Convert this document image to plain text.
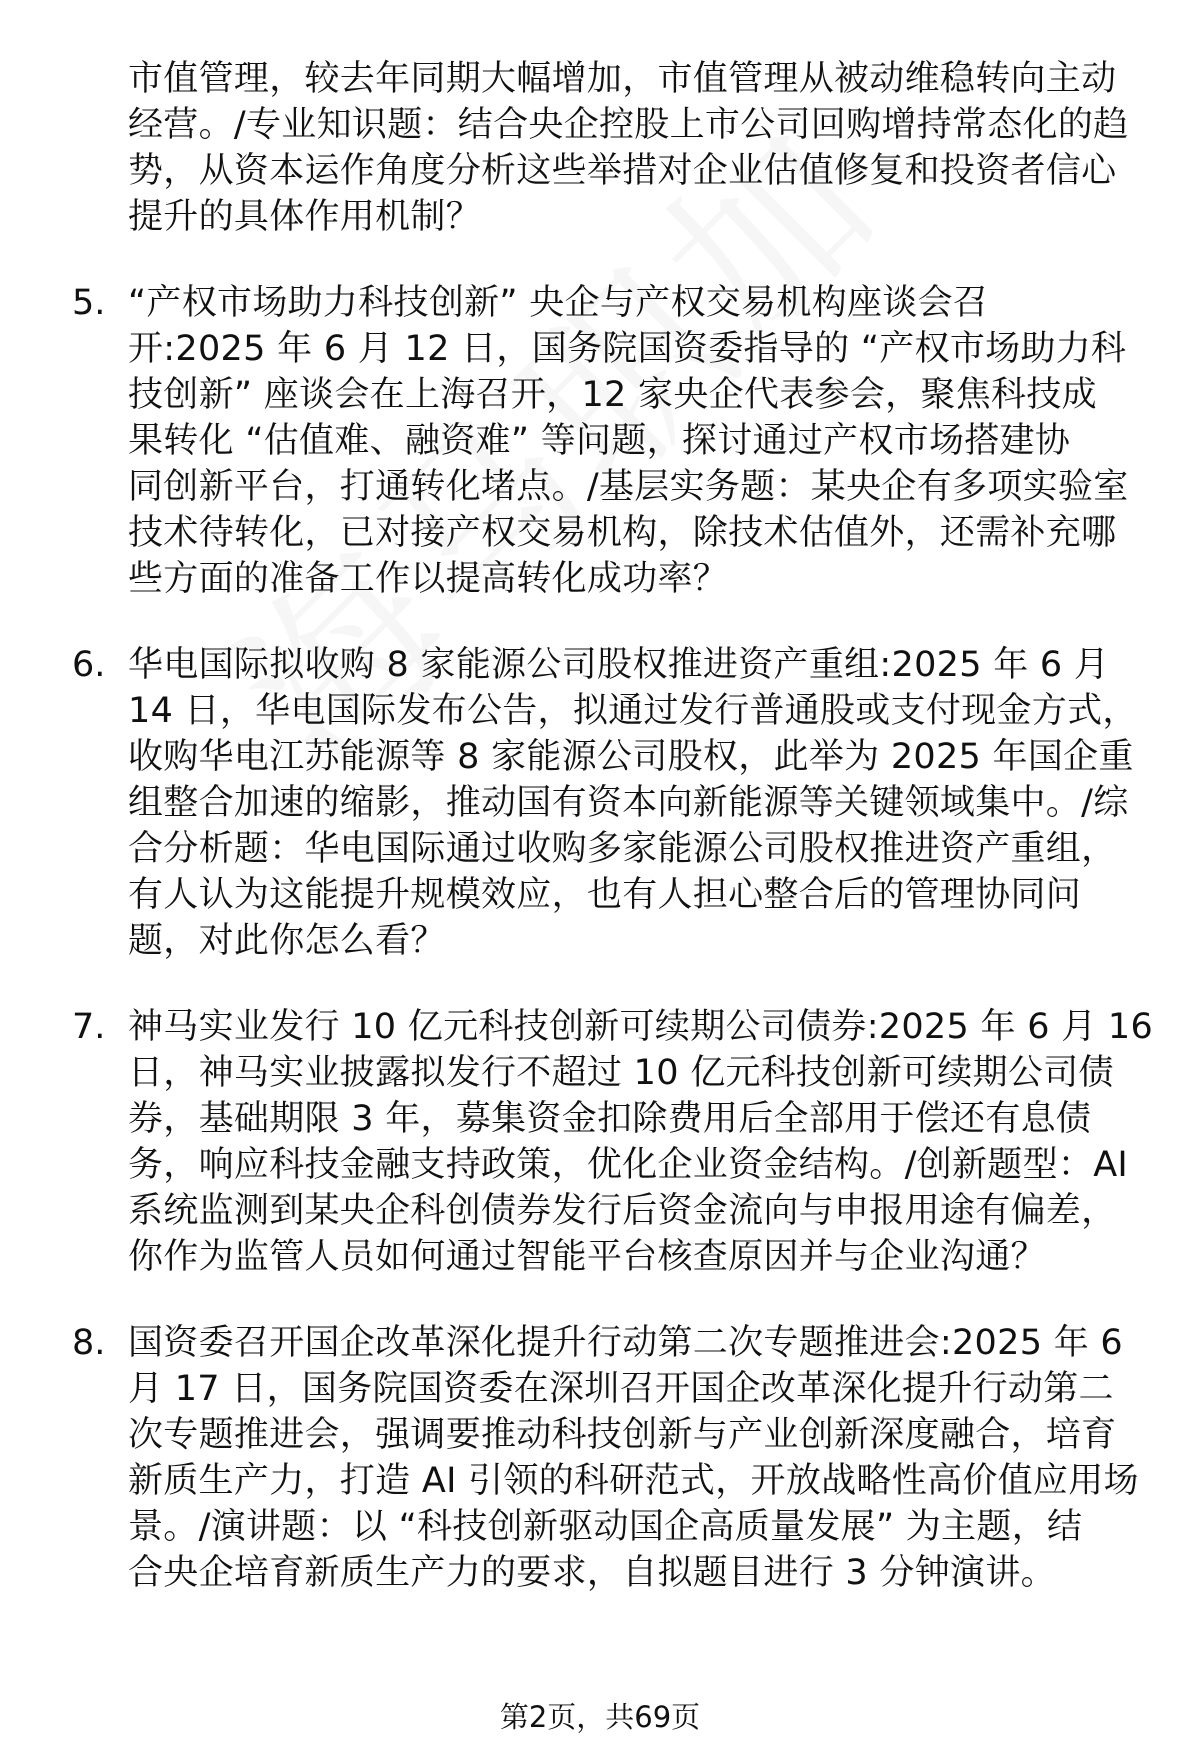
市值管理，较去年同期大幅增加，市值管理从被动维稳转向主动
经营。/专业知识题：结合央企控股上市公司回购增持常态化的趋
势，从资本运作角度分析这些举措对企业估值修复和投资者信心
提升的具体作用机制？
5. “产权市场助力科技创新” 央企与产权交易机构座谈会召
开:2025 年 6 月 12 日，国务院国资委指导的 “产权市场助力科
技创新” 座谈会在上海召开，12 家央企代表参会，聚焦科技成
果转化 “估值难、融资难” 等问题，探讨通过产权市场搭建协
同创新平台，打通转化堵点。/基层实务题：某央企有多项实验室
技术待转化，已对接产权交易机构，除技术估值外，还需补充哪
些方面的准备工作以提高转化成功率？
6. 华电国际拟收购 8 家能源公司股权推进资产重组:2025 年 6 月
14 日，华电国际发布公告，拟通过发行普通股或支付现金方式，
收购华电江苏能源等 8 家能源公司股权，此举为 2025 年国企重
组整合加速的缩影，推动国有资本向新能源等关键领域集中。/综
合分析题：华电国际通过收购多家能源公司股权推进资产重组，
有人认为这能提升规模效应，也有人担心整合后的管理协同问
题，对此你怎么看？
7. 神马实业发行 10 亿元科技创新可续期公司债券:2025 年 6 月 16
日，神马实业披露拟发行不超过 10 亿元科技创新可续期公司债
券，基础期限 3 年，募集资金扣除费用后全部用于偿还有息债
务，响应科技金融支持政策，优化企业资金结构。/创新题型：AI
系统监测到某央企科创债券发行后资金流向与申报用途有偏差，
你作为监管人员如何通过智能平台核查原因并与企业沟通？
8. 国资委召开国企改革深化提升行动第二次专题推进会:2025 年 6
月 17 日，国务院国资委在深圳召开国企改革深化提升行动第二
次专题推进会，强调要推动科技创新与产业创新深度融合，培育
新质生产力，打造 AI 引领的科研范式，开放战略性高价值应用场
景。/演讲题：以 “科技创新驱动国企高质量发展” 为主题，结
合央企培育新质生产力的要求，自拟题目进行 3 分钟演讲。
第2页，共69页
